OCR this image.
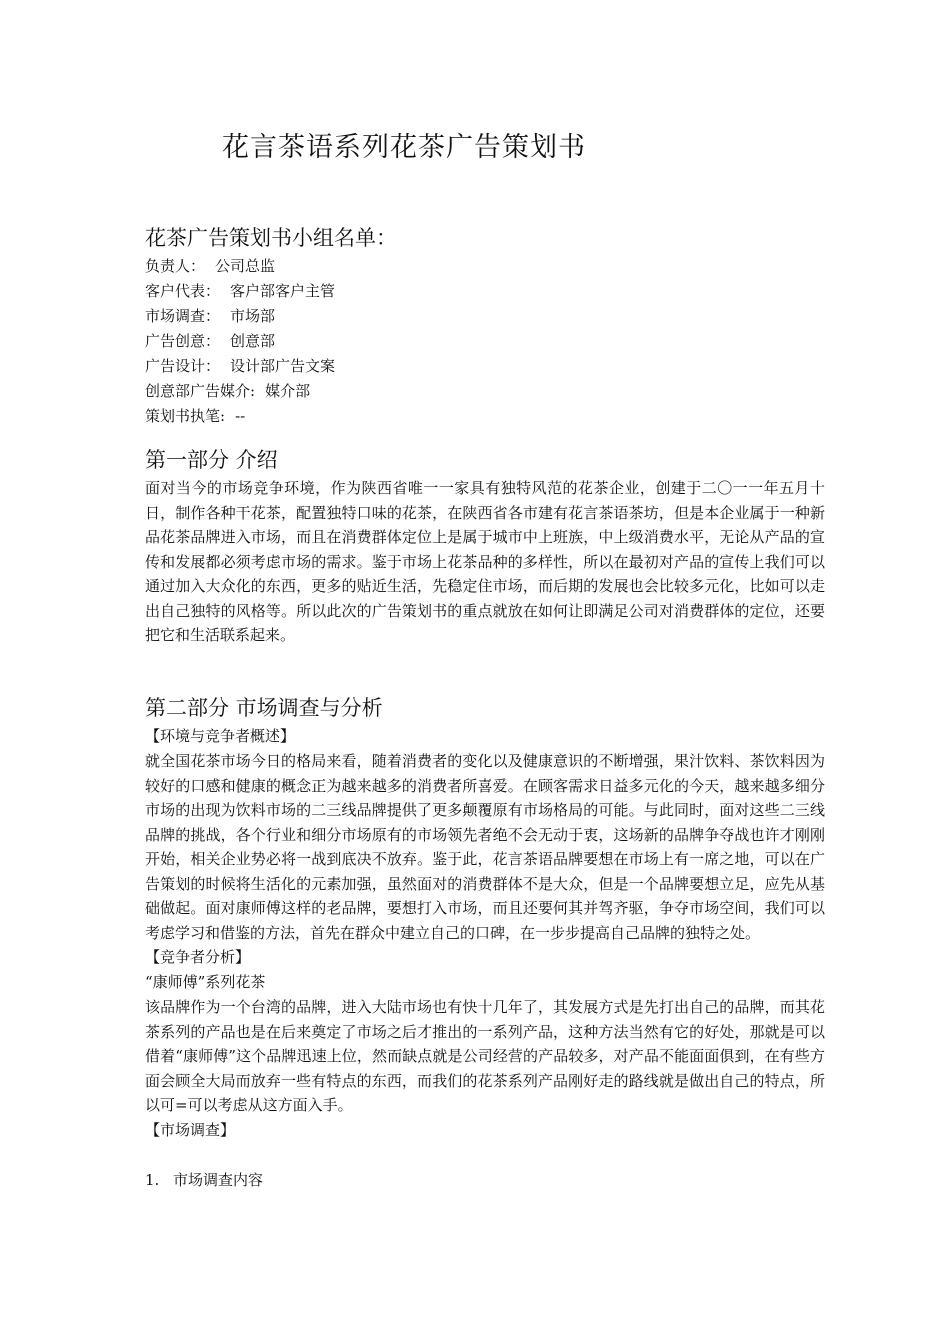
花言茶语系列花茶广告策划书
花茶广告策划书小组名单：
负责人： 公司总监
客户代表： 客户部客户主管
市场调查： 市场部
广告创意： 创意部
广告设计： 设计部广告文案
创意部广告媒介: 媒介部
策划书执笔: --
第一部分 介绍
面对当今的市场竞争环境，作为陕西省唯一一家具有独特风范的花茶企业，创建于二〇一一年五月十日，制作各种干花茶，配置独特口味的花茶，在陕西省各市建有花言茶语茶坊，但是本企业属于一种新品花茶品牌进入市场，而且在消费群体定位上是属于城市中上班族，中上级消费水平，无论从产品的宣传和发展都必须考虑市场的需求。鉴于市场上花茶品种的多样性，所以在最初对产品的宣传上我们可以通过加入大众化的东西，更多的贴近生活，先稳定住市场，而后期的发展也会比较多元化，比如可以走出自己独特的风格等。所以此次的广告策划书的重点就放在如何让即满足公司对消费群体的定位，还要把它和生活联系起来。
第二部分 市场调查与分析
【环境与竞争者概述】
就全国花茶市场今日的格局来看，随着消费者的变化以及健康意识的不断增强，果汁饮料、茶饮料因为较好的口感和健康的概念正为越来越多的消费者所喜爱。在顾客需求日益多元化的今天，越来越多细分市场的出现为饮料市场的二三线品牌提供了更多颠覆原有市场格局的可能。与此同时，面对这些二三线品牌的挑战，各个行业和细分市场原有的市场领先者绝不会无动于衷，这场新的品牌争夺战也许才刚刚开始，相关企业势必将一战到底决不放弃。鉴于此，花言茶语品牌要想在市场上有一席之地，可以在广告策划的时候将生活化的元素加强，虽然面对的消费群体不是大众，但是一个品牌要想立足，应先从基础做起。面对康师傅这样的老品牌，要想打入市场，而且还要何其并驾齐驱，争夺市场空间，我们可以考虑学习和借鉴的方法，首先在群众中建立自己的口碑，在一步步提高自己品牌的独特之处。
【竞争者分析】
“康师傅”系列花茶
该品牌作为一个台湾的品牌，进入大陆市场也有快十几年了，其发展方式是先打出自己的品牌，而其花茶系列的产品也是在后来奠定了市场之后才推出的一系列产品，这种方法当然有它的好处，那就是可以借着“康师傅”这个品牌迅速上位，然而缺点就是公司经营的产品较多，对产品不能面面俱到，在有些方面会顾全大局而放弃一些有特点的东西，而我们的花茶系列产品刚好走的路线就是做出自己的特点，所以可=可以考虑从这方面入手。
【市场调查】
1. 市场调查内容
